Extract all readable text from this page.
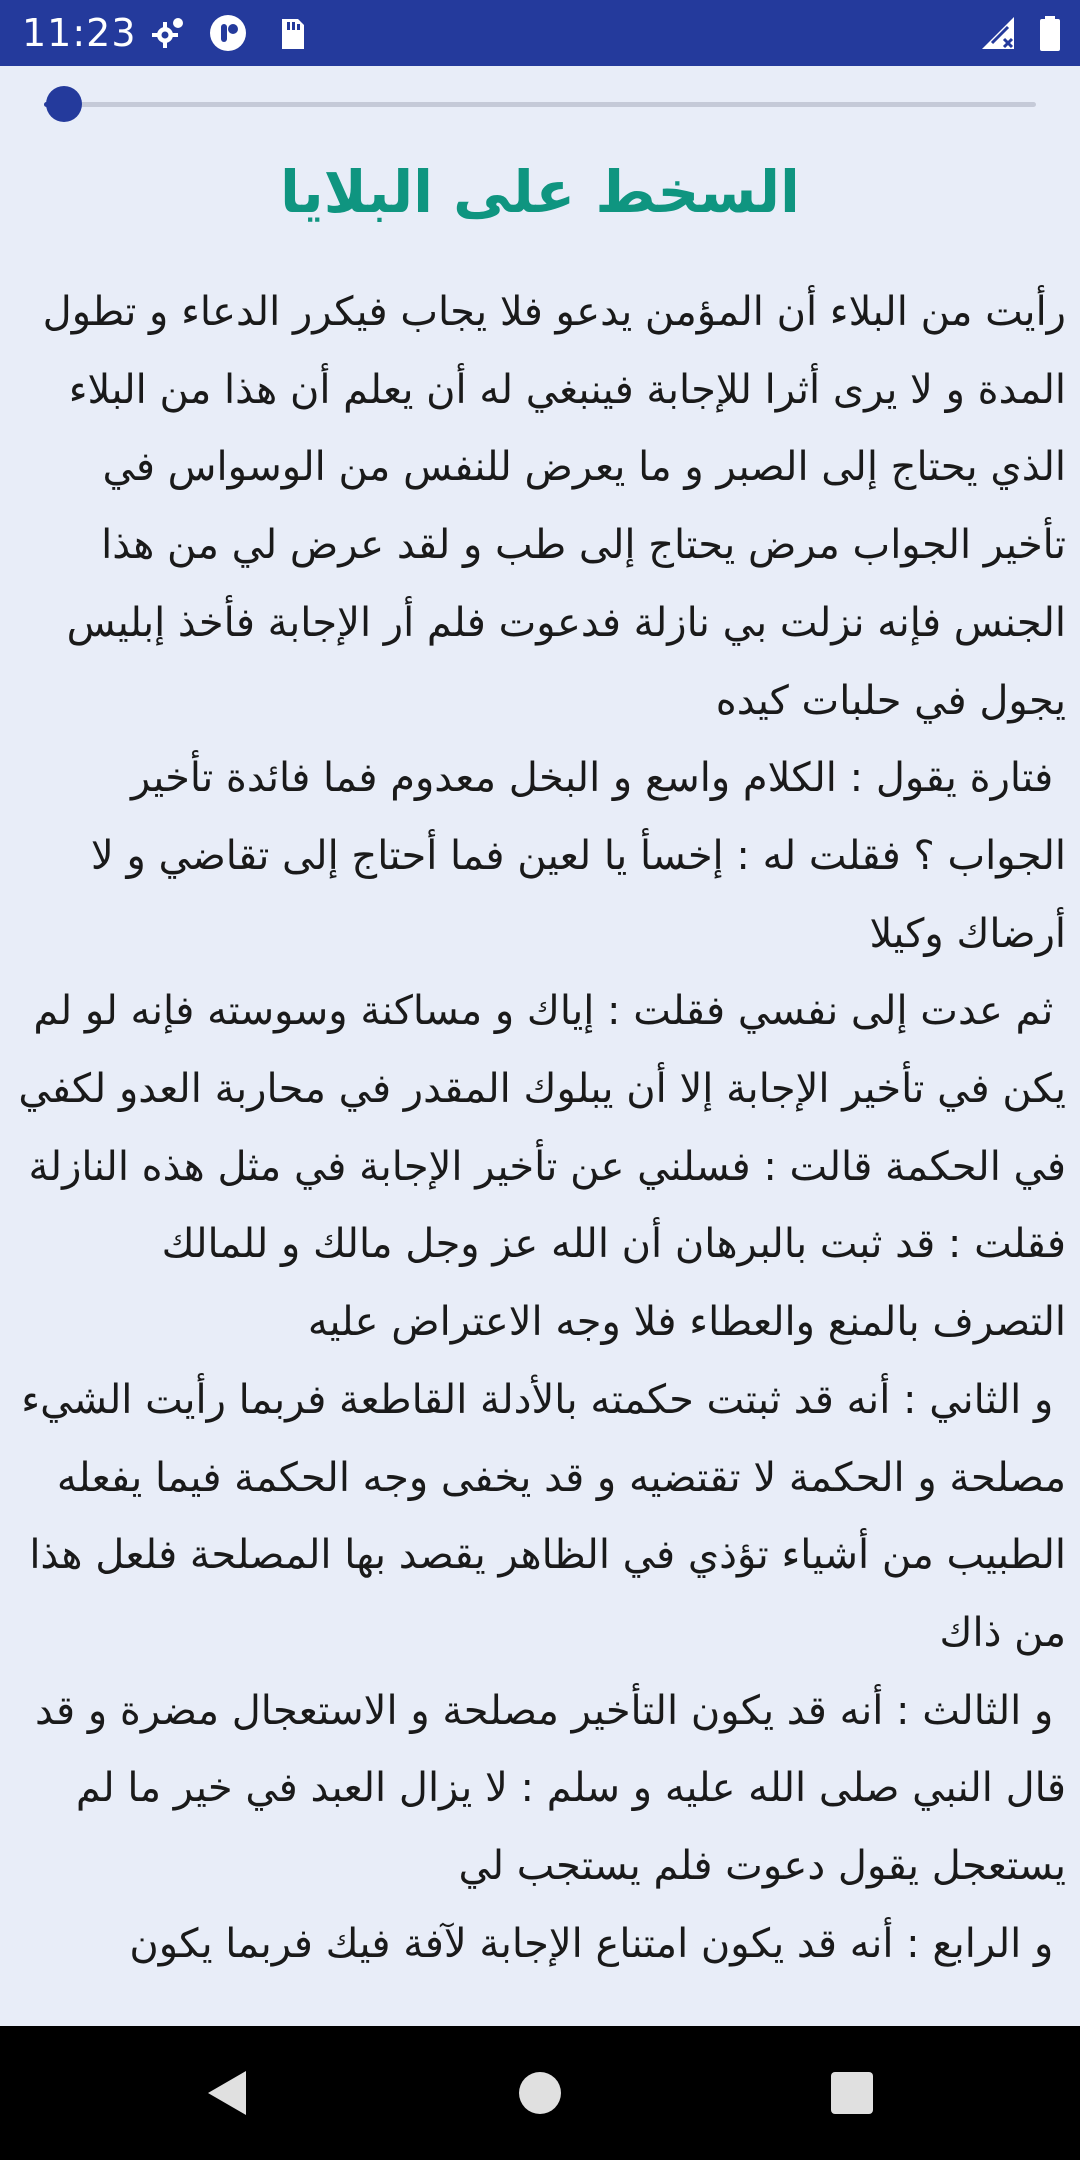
11:23
السخط على البلايا

رأيت من البلاء أن المؤمن يدعو فلا يجاب فيكرر الدعاء و تطول المدة و لا يرى أثرا للإجابة فينبغي له أن يعلم أن هذا من البلاء الذي يحتاج إلى الصبر و ما يعرض للنفس من الوسواس في تأخير الجواب مرض يحتاج إلى طب و لقد عرض لي من هذا الجنس فإنه نزلت بي نازلة فدعوت فلم أر الإجابة فأخذ إبليس يجول في حلبات كيده
فتارة يقول : الكلام واسع و البخل معدوم فما فائدة تأخير الجواب ؟ فقلت له : إخسأ يا لعين فما أحتاج إلى تقاضي و لا أرضاك وكيلا
ثم عدت إلى نفسي فقلت : إياك و مساكنة وسوسته فإنه لو لم يكن في تأخير الإجابة إلا أن يبلوك المقدر في محاربة العدو لكفي في الحكمة قالت : فسلني عن تأخير الإجابة في مثل هذه النازلة فقلت : قد ثبت بالبرهان أن الله عز وجل مالك و للمالك التصرف بالمنع والعطاء فلا وجه الاعتراض عليه
و الثاني : أنه قد ثبتت حكمته بالأدلة القاطعة فربما رأيت الشيء مصلحة و الحكمة لا تقتضيه و قد يخفى وجه الحكمة فيما يفعله الطبيب من أشياء تؤذي في الظاهر يقصد بها المصلحة فلعل هذا من ذاك
و الثالث : أنه قد يكون التأخير مصلحة و الاستعجال مضرة و قد قال النبي صلى الله عليه و سلم : لا يزال العبد في خير ما لم يستعجل يقول دعوت فلم يستجب لي
و الرابع : أنه قد يكون امتناع الإجابة لآفة فيك فربما يكون
